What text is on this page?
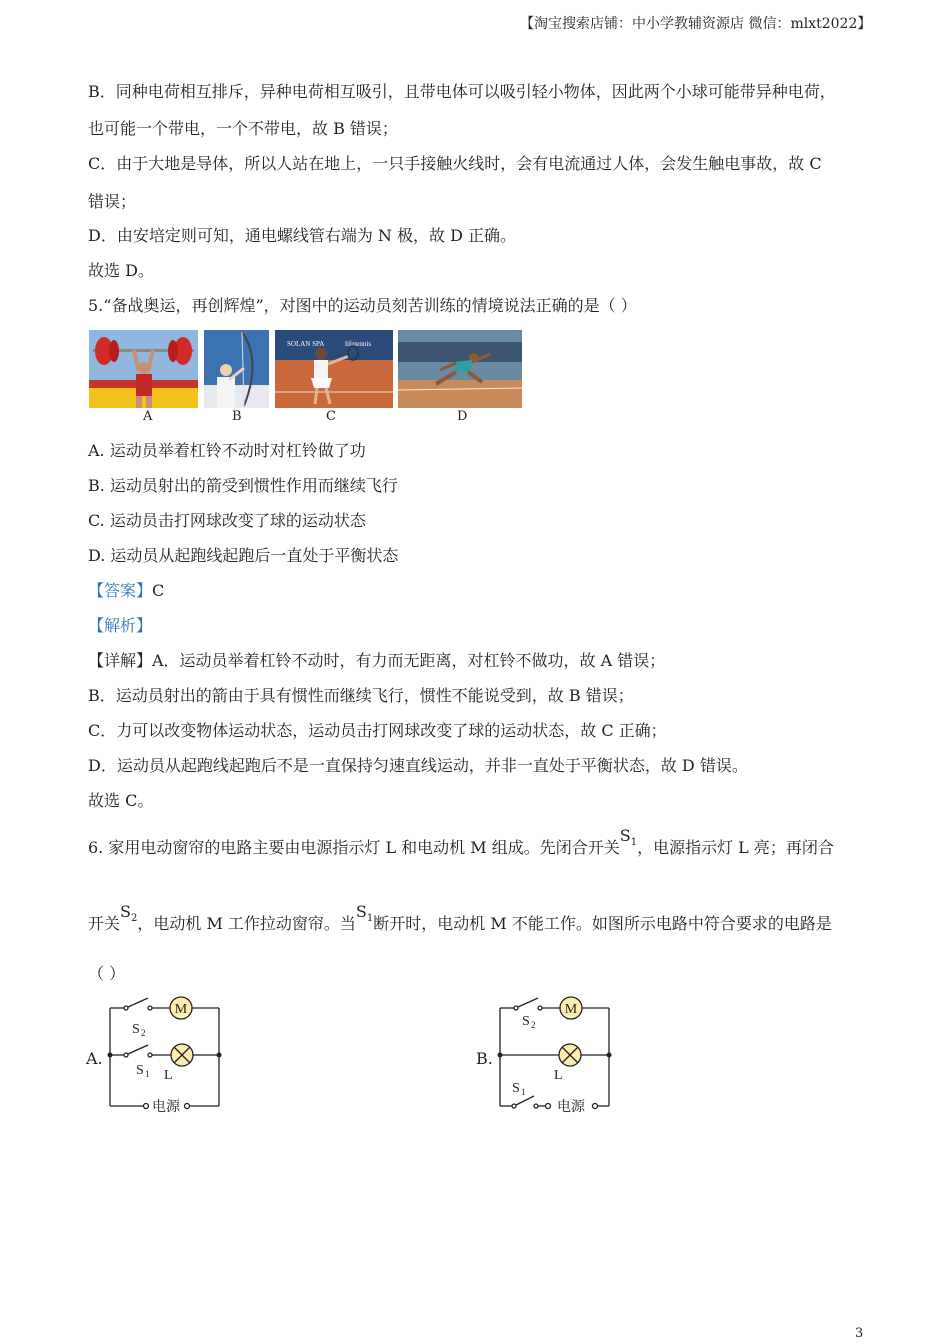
【淘宝搜索店铺：中小学教辅资源店 微信：mlxt2022】
B．同种电荷相互排斥，异种电荷相互吸引，且带电体可以吸引轻小物体，因此两个小球可能带异种电荷，
也可能一个带电，一个不带电，故 B 错误；
C．由于大地是导体，所以人站在地上，一只手接触火线时，会有电流通过人体，会发生触电事故，故 C
错误；
D．由安培定则可知，通电螺线管右端为 N 极，故 D 正确。
故选 D。
5.“备战奥运，再创辉煌”，对图中的运动员刻苦训练的情境说法正确的是（ ）
SOLAN SPA	lifetennis
A	B	C	D
A. 运动员举着杠铃不动时对杠铃做了功
B. 运动员射出的箭受到惯性作用而继续飞行
C. 运动员击打网球改变了球的运动状态
D. 运动员从起跑线起跑后一直处于平衡状态
【答案】C
【解析】
【详解】A．运动员举着杠铃不动时，有力而无距离，对杠铃不做功，故 A 错误；
B．运动员射出的箭由于具有惯性而继续飞行，惯性不能说受到，故 B 错误；
C．力可以改变物体运动状态，运动员击打网球改变了球的运动状态，故 C 正确；
D．运动员从起跑线起跑后不是一直保持匀速直线运动，并非一直处于平衡状态，故 D 错误。
故选 C。
6. 家用电动窗帘的电路主要由电源指示灯 L 和电动机 M 组成。先闭合开关$S_1$，电源指示灯 L 亮；再闭合
开关$S_2$，电动机 M 工作拉动窗帘。当$S_1$断开时，电动机 M 不能工作。如图所示电路中符合要求的电路是
（ ）
A.
M
S 2
S 1 L
电源
B.
M
S 2
L
S 1
电源
3
